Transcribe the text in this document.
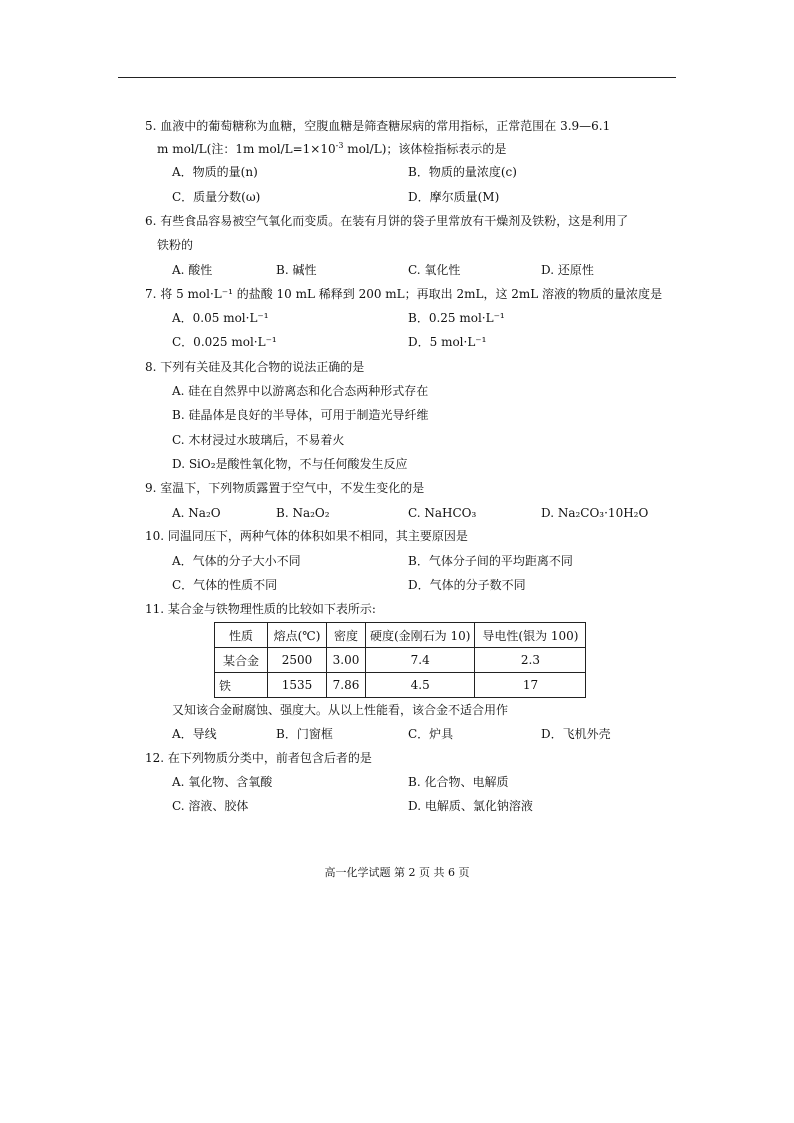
5. 血液中的葡萄糖称为血糖，空腹血糖是筛查糖尿病的常用指标，正常范围在 3.9—6.1
m mol/L(注：1m mol/$L=1\times 10^{-3}$ mol/L)；该体检指标表示的是
A．物质的量(n)	B．物质的量浓度(c)
C．质量分数(ω)	D．摩尔质量(M)
6. 有些食品容易被空气氧化而变质。在装有月饼的袋子里常放有干燥剂及铁粉，这是利用了
铁粉的
A. 酸性	B. 碱性	C. 氧化性	D. 还原性
7. 将 5 mol·L⁻¹ 的盐酸 10 mL 稀释到 200 mL；再取出 2mL，这 2mL 溶液的物质的量浓度是
A．0.05 mol·L⁻¹	B．0.25 mol·L⁻¹
C．0.025 mol·L⁻¹	D．5 mol·L⁻¹
8. 下列有关硅及其化合物的说法正确的是
A. 硅在自然界中以游离态和化合态两种形式存在
B. 硅晶体是良好的半导体，可用于制造光导纤维
C. 木材浸过水玻璃后，不易着火
D. SiO₂是酸性氧化物，不与任何酸发生反应
9. 室温下，下列物质露置于空气中，不发生变化的是
A. Na₂O	B. Na₂O₂	C. NaHCO₃	D. Na₂CO₃·10H₂O
10. 同温同压下，两种气体的体积如果不相同，其主要原因是
A．气体的分子大小不同	B．气体分子间的平均距离不同
C．气体的性质不同	D．气体的分子数不同
11. 某合金与铁物理性质的比较如下表所示:
性质	熔点(℃)	密度	硬度(金刚石为 10)	导电性(银为 100)
某合金	2500	3.00	7.4	2.3
铁	1535	7.86	4.5	17
又知该合金耐腐蚀、强度大。从以上性能看，该合金不适合用作
A．导线	B．门窗框	C．炉具	D．飞机外壳
12. 在下列物质分类中，前者包含后者的是
A. 氧化物、含氧酸	B. 化合物、电解质
C. 溶液、胶体	D. 电解质、氯化钠溶液
高一化学试题 第 2 页 共 6 页
